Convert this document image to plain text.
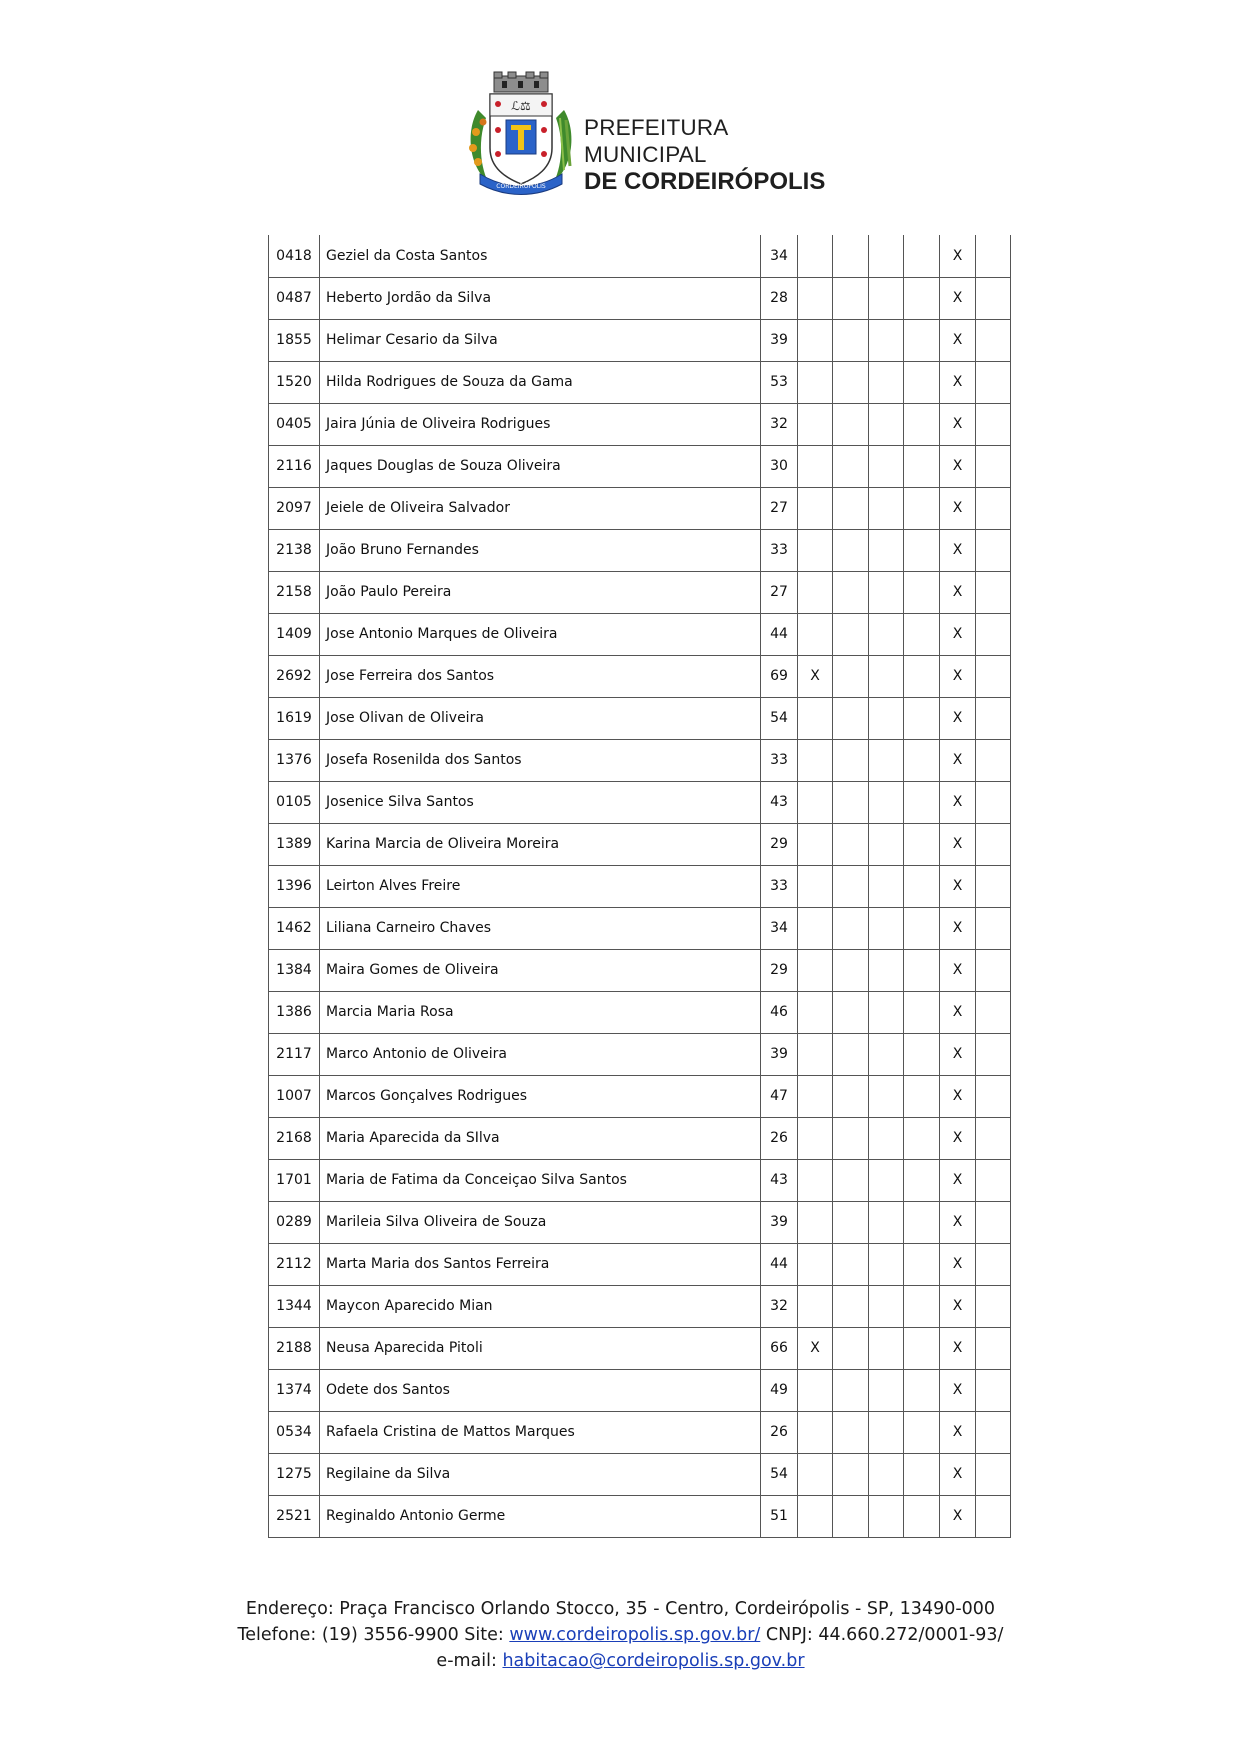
ℒ⚖
CORDEIRÓPOLIS
PREFEITURA MUNICIPAL
DE CORDEIRÓPOLIS
0418	Geziel da Costa Santos	34					X	
0487	Heberto Jordão da Silva	28					X	
1855	Helimar Cesario da Silva	39					X	
1520	Hilda Rodrigues de Souza da Gama	53					X	
0405	Jaira Júnia de Oliveira Rodrigues	32					X	
2116	Jaques Douglas de Souza Oliveira	30					X	
2097	Jeiele de Oliveira Salvador	27					X	
2138	João Bruno Fernandes	33					X	
2158	João Paulo Pereira	27					X	
1409	Jose Antonio Marques de Oliveira	44					X	
2692	Jose Ferreira dos Santos	69	X				X	
1619	Jose Olivan de Oliveira	54					X	
1376	Josefa Rosenilda dos Santos	33					X	
0105	Josenice Silva Santos	43					X	
1389	Karina Marcia de Oliveira Moreira	29					X	
1396	Leirton Alves Freire	33					X	
1462	Liliana Carneiro Chaves	34					X	
1384	Maira Gomes de Oliveira	29					X	
1386	Marcia Maria Rosa	46					X	
2117	Marco Antonio de Oliveira	39					X	
1007	Marcos Gonçalves Rodrigues	47					X	
2168	Maria Aparecida da SIlva	26					X	
1701	Maria de Fatima da Conceiçao Silva Santos	43					X	
0289	Marileia Silva Oliveira de Souza	39					X	
2112	Marta Maria dos Santos Ferreira	44					X	
1344	Maycon Aparecido Mian	32					X	
2188	Neusa Aparecida Pitoli	66	X				X	
1374	Odete dos Santos	49					X	
0534	Rafaela Cristina de Mattos Marques	26					X	
1275	Regilaine da Silva	54					X	
2521	Reginaldo Antonio Germe	51					X	
Endereço: Praça Francisco Orlando Stocco, 35 - Centro, Cordeirópolis - SP, 13490-000
Telefone: (19) 3556-9900 Site: www.cordeiropolis.sp.gov.br/ CNPJ: 44.660.272/0001-93/
e-mail: habitacao@cordeiropolis.sp.gov.br
